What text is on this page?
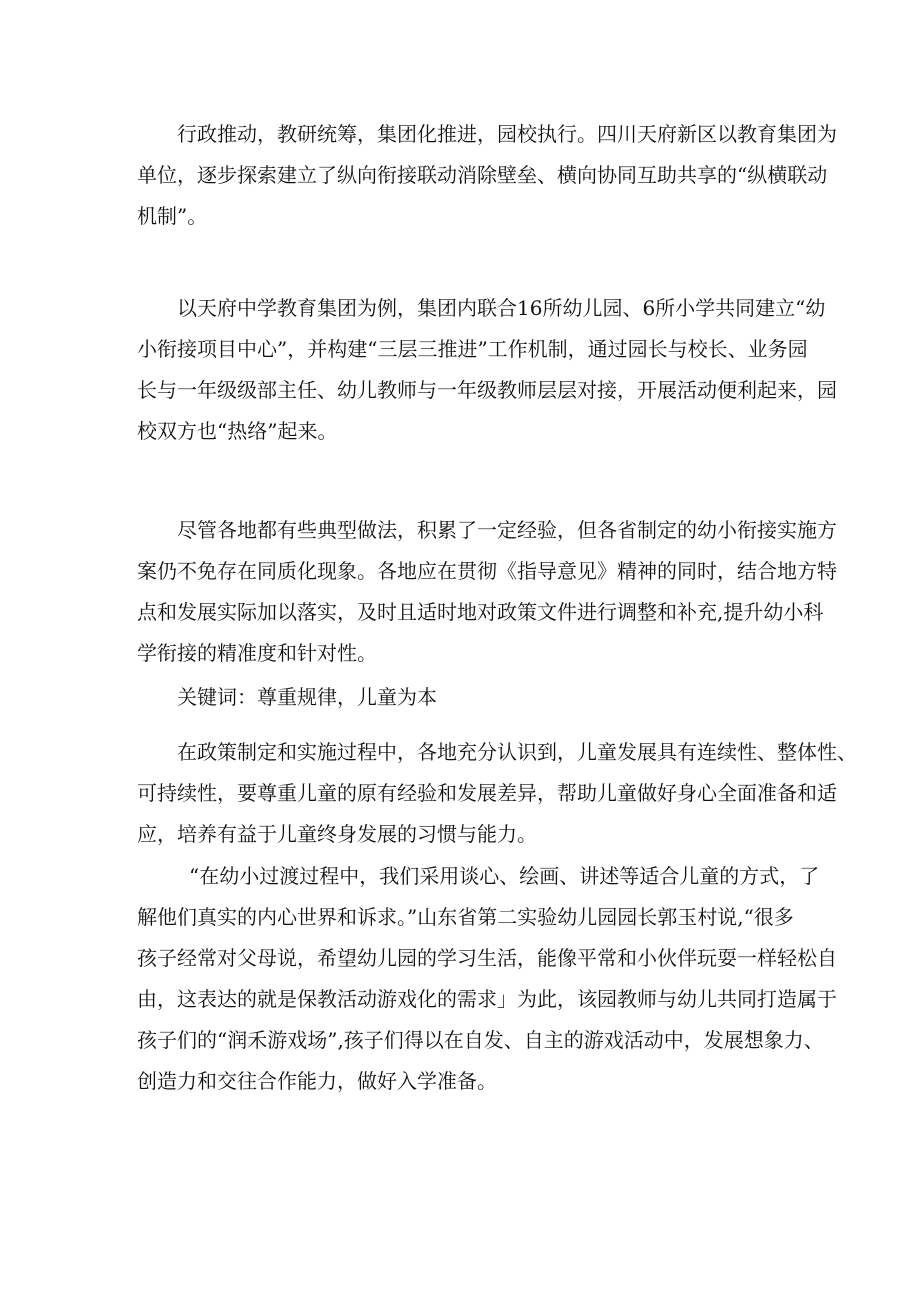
行政推动，教研统筹，集团化推进，园校执行。四川天府新区以教育集团为
单位，逐步探索建立了纵向衔接联动消除壁垒、横向协同互助共享的“纵横联动
机制”。
以天府中学教育集团为例，集团内联合16所幼儿园、6所小学共同建立“幼
小衔接项目中心”，并构建“三层三推进”工作机制，通过园长与校长、业务园
长与一年级级部主任、幼儿教师与一年级教师层层对接，开展活动便利起来，园
校双方也“热络”起来。
尽管各地都有些典型做法，积累了一定经验，但各省制定的幼小衔接实施方
案仍不免存在同质化现象。各地应在贯彻《指导意见》精神的同时，结合地方特
点和发展实际加以落实，及时且适时地对政策文件进行调整和补充,提升幼小科
学衔接的精准度和针对性。
关键词：尊重规律，儿童为本
在政策制定和实施过程中，各地充分认识到，儿童发展具有连续性、整体性、
可持续性，要尊重儿童的原有经验和发展差异，帮助儿童做好身心全面准备和适
应，培养有益于儿童终身发展的习惯与能力。
“在幼小过渡过程中，我们采用谈心、绘画、讲述等适合儿童的方式，了
解他们真实的内心世界和诉求。”山东省第二实验幼儿园园长郭玉村说,“很多
孩子经常对父母说，希望幼儿园的学习生活，能像平常和小伙伴玩耍一样轻松自
由，这表达的就是保教活动游戏化的需求」为此，该园教师与幼儿共同打造属于
孩子们的“润禾游戏场”,孩子们得以在自发、自主的游戏活动中，发展想象力、
创造力和交往合作能力，做好入学准备。
